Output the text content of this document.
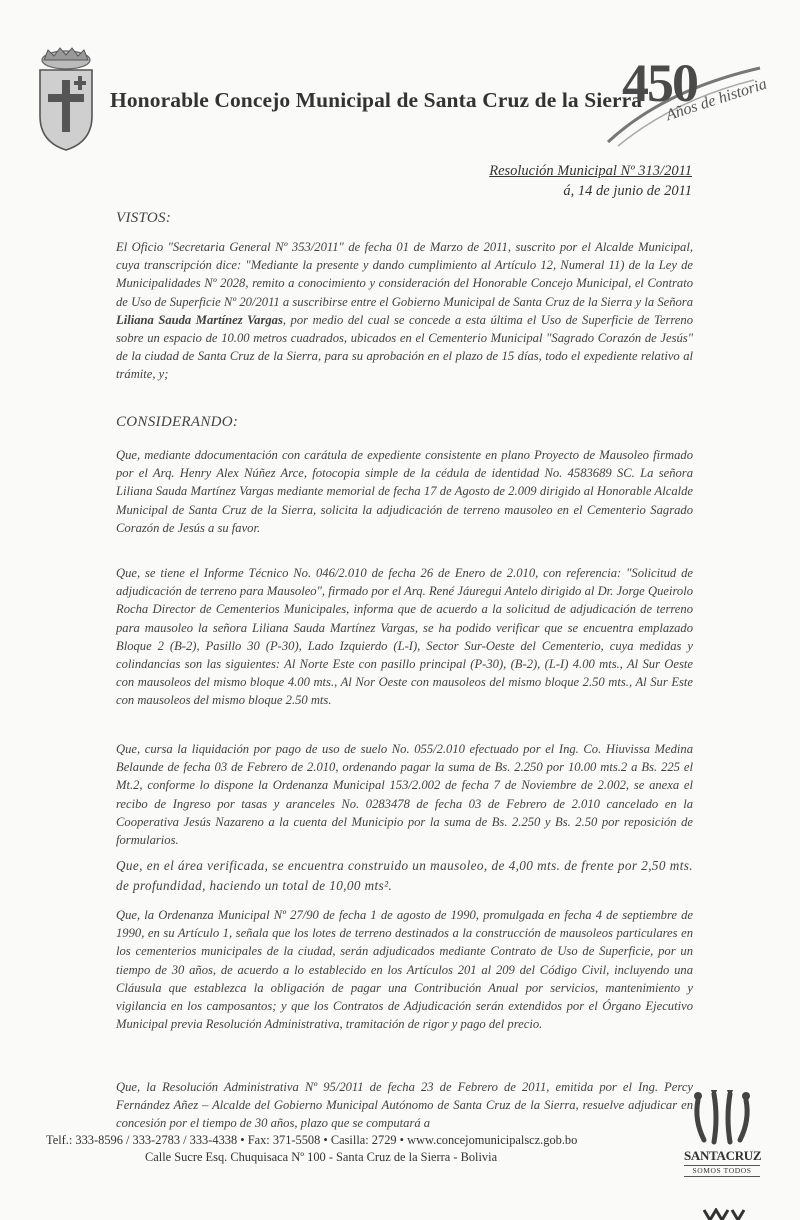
Honorable Concejo Municipal de Santa Cruz de la Sierra
450
Años de historia
Resolución Municipal Nº 313/2011
á, 14 de junio de 2011
VISTOS:

El Oficio "Secretaria General Nº 353/2011" de fecha 01 de Marzo de 2011, suscrito por el Alcalde Municipal, cuya transcripción dice: "Mediante la presente y dando cumplimiento al Artículo 12, Numeral 11) de la Ley de Municipalidades Nº 2028, remito a conocimiento y consideración del Honorable Concejo Municipal, el Contrato de Uso de Superficie Nº 20/2011 a suscribirse entre el Gobierno Municipal de Santa Cruz de la Sierra y la Señora Liliana Sauda Martínez Vargas, por medio del cual se concede a esta última el Uso de Superficie de Terreno sobre un espacio de 10.00 metros cuadrados, ubicados en el Cementerio Municipal "Sagrado Corazón de Jesús" de la ciudad de Santa Cruz de la Sierra, para su aprobación en el plazo de 15 días, todo el expediente relativo al trámite, y;

CONSIDERANDO:

Que, mediante ddocumentación con carátula de expediente consistente en plano Proyecto de Mausoleo firmado por el Arq. Henry Alex Núñez Arce, fotocopia simple de la cédula de identidad No. 4583689 SC. La señora Liliana Sauda Martínez Vargas mediante memorial de fecha 17 de Agosto de 2.009 dirigido al Honorable Alcalde Municipal de Santa Cruz de la Sierra, solicita la adjudicación de terreno mausoleo en el Cementerio Sagrado Corazón de Jesús a su favor.

Que, se tiene el Informe Técnico No. 046/2.010 de fecha 26 de Enero de 2.010, con referencia: "Solicitud de adjudicación de terreno para Mausoleo", firmado por el Arq. René Jáuregui Antelo dirigido al Dr. Jorge Queirolo Rocha Director de Cementerios Municipales, informa que de acuerdo a la solicitud de adjudicación de terreno para mausoleo la señora Liliana Sauda Martínez Vargas, se ha podido verificar que se encuentra emplazado Bloque 2 (B-2), Pasillo 30 (P-30), Lado Izquierdo (L-I), Sector Sur-Oeste del Cementerio, cuya medidas y colindancias son las siguientes: Al Norte Este con pasillo principal (P-30), (B-2), (L-I) 4.00 mts., Al Sur Oeste con mausoleos del mismo bloque 4.00 mts., Al Nor Oeste con mausoleos del mismo bloque 2.50 mts., Al Sur Este con mausoleos del mismo bloque 2.50 mts.

Que, cursa la liquidación por pago de uso de suelo No. 055/2.010 efectuado por el Ing. Co. Hiuvissa Medina Belaunde de fecha 03 de Febrero de 2.010, ordenando pagar la suma de Bs. 2.250 por 10.00 mts.2 a Bs. 225 el Mt.2, conforme lo dispone la Ordenanza Municipal 153/2.002 de fecha 7 de Noviembre de 2.002, se anexa el recibo de Ingreso por tasas y aranceles No. 0283478 de fecha 03 de Febrero de 2.010 cancelado en la Cooperativa Jesús Nazareno a la cuenta del Municipio por la suma de Bs. 2.250 y Bs. 2.50 por reposición de formularios.

Que, en el área verificada, se encuentra construido un mausoleo, de 4,00 mts. de frente por 2,50 mts. de profundidad, haciendo un total de 10,00 mts².

Que, la Ordenanza Municipal Nº 27/90 de fecha 1 de agosto de 1990, promulgada en fecha 4 de septiembre de 1990, en su Artículo 1, señala que los lotes de terreno destinados a la construcción de mausoleos particulares en los cementerios municipales de la ciudad, serán adjudicados mediante Contrato de Uso de Superficie, por un tiempo de 30 años, de acuerdo a lo establecido en los Artículos 201 al 209 del Código Civil, incluyendo una Cláusula que establezca la obligación de pagar una Contribución Anual por servicios, mantenimiento y vigilancia en los camposantos; y que los Contratos de Adjudicación serán extendidos por el Órgano Ejecutivo Municipal previa Resolución Administrativa, tramitación de rigor y pago del precio.

Que, la Resolución Administrativa Nº 95/2011 de fecha 23 de Febrero de 2011, emitida por el Ing. Percy Fernández Añez – Alcalde del Gobierno Municipal Autónomo de Santa Cruz de la Sierra, resuelve adjudicar en concesión por el tiempo de 30 años, plazo que se computará a

Telf.: 333-8596 / 333-2783 / 333-4338 • Fax: 371-5508 • Casilla: 2729 • www.concejomunicipalscz.gob.bo
Calle Sucre Esq. Chuquisaca Nº 100 - Santa Cruz de la Sierra - Bolivia	SANTACRUZ
SOMOS TODOS
